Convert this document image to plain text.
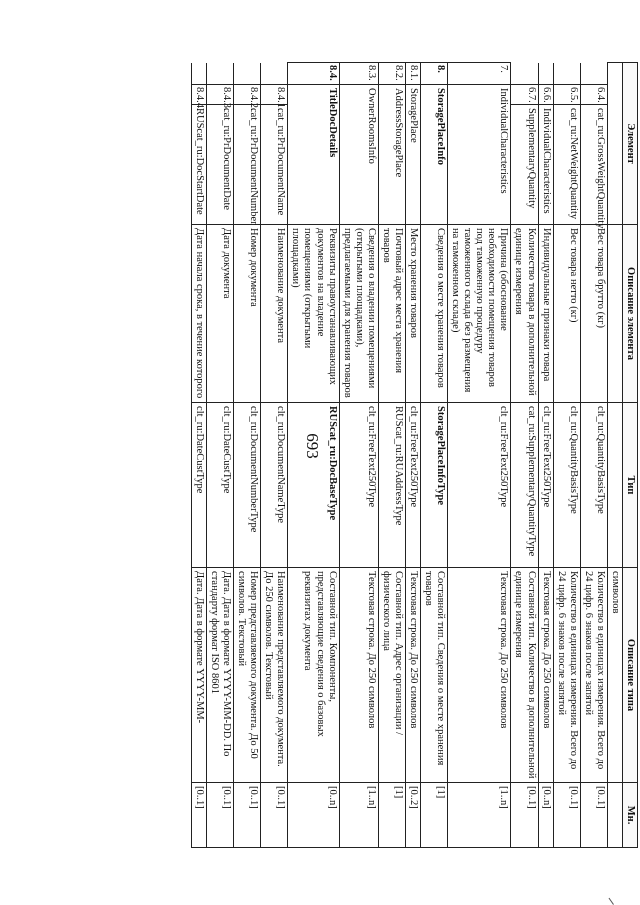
693
Элемент			Описание элемента	Тип	Описание типа	Мн.
					символов	
	6.4.	cat_ru:GrossWeightQuantity	Вес товара брутто (кг)	clt_ru:QuantityBasisType	Количество в единицах измерения. Всего до 24 цифр. 6 знаков после запятой	[0..1]
	6.5.	cat_ru:NetWeightQuantity	Вес товара нетто (кг)	clt_ru:QuantityBasisType	Количество в единицах измерения. Всего до 24 цифр. 6 знаков после запятой	[0..1]
	6.6.	IndividualCharacteristics	Индивидуальные признаки товара	clt_ru:FreeText250Type	Текстовая строка. До 250 символов	[0..n]
	6.7.	SupplementaryQuantity	Количество товара в дополнительной единице измерения	cat_ru:SupplementaryQuantityType	Составной тип. Количество в дополнительной единице измерения	[0..1]
7.	IndividualCharacteristics		Причина (обоснование необходимости помещения товаров под таможенную процедуру таможенного склада без размещения на таможенном складе)	clt_ru:FreeText250Type	Текстовая строка. До 250 символов	[1..n]
8.	StoragePlaceInfo		Сведения о месте хранения товаров	StoragePlaceInfoType	Составной тип. Сведения о месте хранения товаров	[1]
8.1.	StoragePlace		Место хранения товаров	clt_ru:FreeText250Type	Текстовая строка. До 250 символов	[0..2]
8.2.	AddressStoragePlace		Почтовый адрес места хранения товаров	RUScat_ru:RUAddressType	Составной тип. Адрес организации / физического лица	[1]
8.3.	OwnerRoomsInfo		Сведения о владении помещениями (открытыми площадками), предлагаемыми для хранения товаров	clt_ru:FreeText250Type	Текстовая строка. До 250 символов	[1..n]
8.4.	TitleDocDetails		Реквизиты правоустанавливающих документов на владение помещениями (открытыми площадками)	RUScat_ru:DocBaseType	Составной тип. Компоненты, представляющие сведения о базовых реквизитах документа	[0..n]
	8.4.1.	cat_ru:PrDocumentName	Наименование документа	clt_ru:DocumentNameType	Наименование представляемого документа. До 250 символов. Текстовый	[0..1]
	8.4.2.	cat_ru:PrDocumentNumber	Номер документа	clt_ru:DocumentNumberType	Номер представляемого документа. До 50 символов. Текстовый	[0..1]
	8.4.3.	cat_ru:PrDocumentDate	Дата документа	clt_ru:DateCustType	Дата. Дата в формате YYYY-MM-DD. По стандарту формат ISO 8601	[0..1]
	8.4.4.	RUScat_ru:DocStartDate	Дата начала срока, в течение которого	clt_ru:DateCustType	Дата. Дата в формате YYYY-MM-	[0..1]
